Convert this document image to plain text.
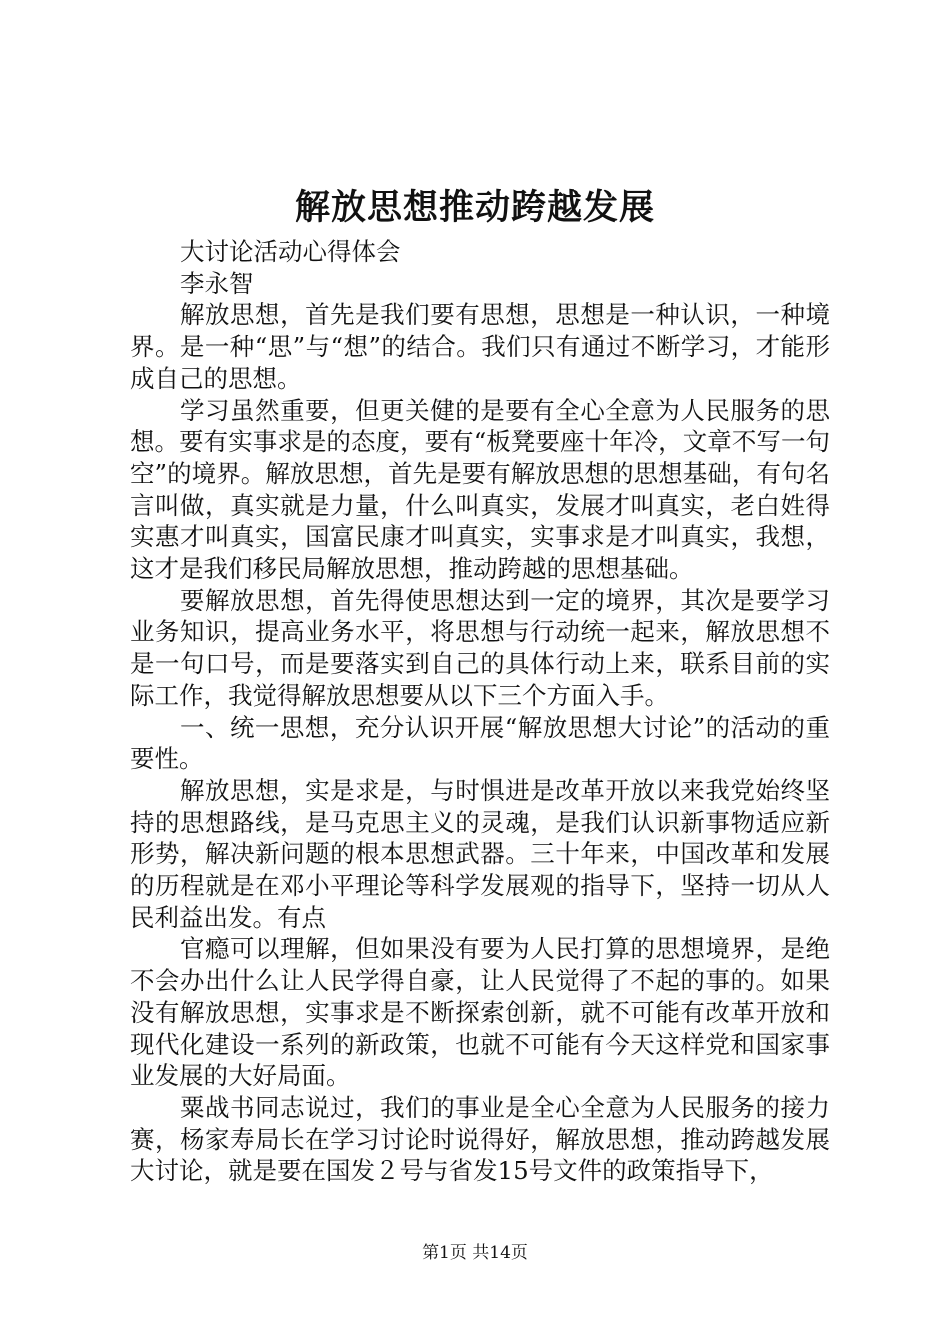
解放思想推动跨越发展

大讨论活动心得体会

李永智

解放思想，首先是我们要有思想，思想是一种认识，一种境界。是一种“思”与“想”的结合。我们只有通过不断学习，才能形成自己的思想。

学习虽然重要，但更关健的是要有全心全意为人民服务的思想。要有实事求是的态度，要有“板凳要座十年冷，文章不写一句空”的境界。解放思想，首先是要有解放思想的思想基础，有句名言叫做，真实就是力量，什么叫真实，发展才叫真实，老白姓得实惠才叫真实，国富民康才叫真实，实事求是才叫真实，我想，这才是我们移民局解放思想，推动跨越的思想基础。

要解放思想，首先得使思想达到一定的境界，其次是要学习业务知识，提高业务水平，将思想与行动统一起来，解放思想不是一句口号，而是要落实到自己的具体行动上来，联系目前的实际工作，我觉得解放思想要从以下三个方面入手。

一、统一思想，充分认识开展“解放思想大讨论”的活动的重要性。

解放思想，实是求是，与时惧进是改革开放以来我党始终坚持的思想路线，是马克思主义的灵魂，是我们认识新事物适应新形势，解决新问题的根本思想武器。三十年来，中国改革和发展的历程就是在邓小平理论等科学发展观的指导下，坚持一切从人民利益出发。有点

官瘾可以理解，但如果没有要为人民打算的思想境界，是绝不会办出什么让人民学得自豪，让人民觉得了不起的事的。如果没有解放思想，实事求是不断探索创新，就不可能有改革开放和现代化建设一系列的新政策，也就不可能有今天这样党和国家事业发展的大好局面。

粟战书同志说过，我们的事业是全心全意为人民服务的接力赛，杨家寿局长在学习讨论时说得好，解放思想，推动跨越发展大讨论，就是要在国发２号与省发15号文件的政策指导下，

第1页 共14页
